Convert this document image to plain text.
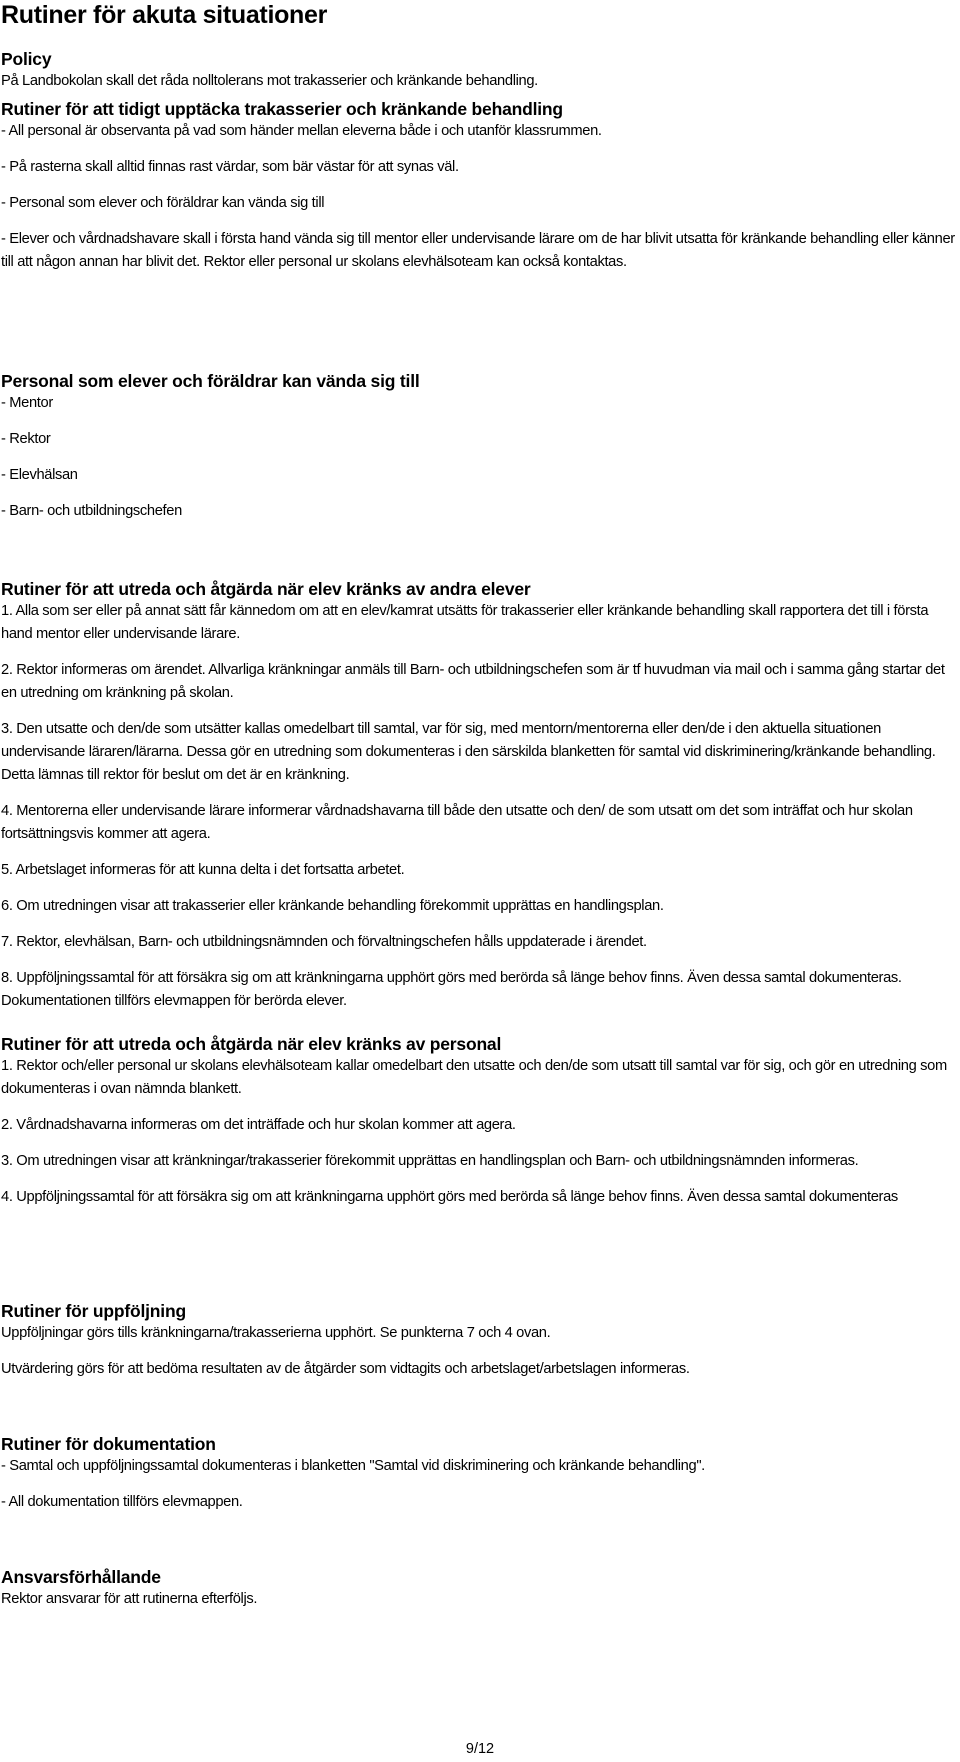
Rutiner för akuta situationer
Policy

På Landbokolan skall det råda nolltolerans mot trakasserier och kränkande behandling.

Rutiner för att tidigt upptäcka trakasserier och kränkande behandling

- All personal är observanta på vad som händer mellan eleverna både i och utanför klassrummen.

- På rasterna skall alltid finnas rast värdar, som bär västar för att synas väl.

- Personal som elever och föräldrar kan vända sig till

- Elever och vårdnadshavare skall i första hand vända sig till mentor eller undervisande lärare om de har blivit utsatta för kränkande behandling eller känner till att någon annan har blivit det. Rektor eller personal ur skolans elevhälsoteam kan också kontaktas.

Personal som elever och föräldrar kan vända sig till

- Mentor

- Rektor

- Elevhälsan

- Barn- och utbildningschefen

Rutiner för att utreda och åtgärda när elev kränks av andra elever

1. Alla som ser eller på annat sätt får kännedom om att en elev/kamrat utsätts för trakasserier eller kränkande behandling skall rapportera det till i första hand mentor eller undervisande lärare.

2. Rektor informeras om ärendet. Allvarliga kränkningar anmäls till Barn- och utbildningschefen som är tf huvudman via mail och i samma gång startar det en utredning om kränkning på skolan.

3. Den utsatte och den/de som utsätter kallas omedelbart till samtal, var för sig, med mentorn/mentorerna eller den/de i den aktuella situationen undervisande läraren/lärarna. Dessa gör en utredning som dokumenteras i den särskilda blanketten för samtal vid diskriminering/kränkande behandling. Detta lämnas till rektor för beslut om det är en kränkning.

4. Mentorerna eller undervisande lärare informerar vårdnadshavarna till både den utsatte och den/ de som utsatt om det som inträffat och hur skolan fortsättningsvis kommer att agera.

5. Arbetslaget informeras för att kunna delta i det fortsatta arbetet.

6. Om utredningen visar att trakasserier eller kränkande behandling förekommit upprättas en handlingsplan.

7. Rektor, elevhälsan, Barn- och utbildningsnämnden och förvaltningschefen hålls uppdaterade i ärendet.

8. Uppföljningssamtal för att försäkra sig om att kränkningarna upphört görs med berörda så länge behov finns. Även dessa samtal dokumenteras. Dokumentationen tillförs elevmappen för berörda elever.

Rutiner för att utreda och åtgärda när elev kränks av personal

1. Rektor och/eller personal ur skolans elevhälsoteam kallar omedelbart den utsatte och den/de som utsatt till samtal var för sig, och gör en utredning som dokumenteras i ovan nämnda blankett.

2. Vårdnadshavarna informeras om det inträffade och hur skolan kommer att agera.

3. Om utredningen visar att kränkningar/trakasserier förekommit upprättas en handlingsplan och Barn- och utbildningsnämnden informeras.

4. Uppföljningssamtal för att försäkra sig om att kränkningarna upphört görs med berörda så länge behov finns. Även dessa samtal dokumenteras

Rutiner för uppföljning

Uppföljningar görs tills kränkningarna/trakasserierna upphört. Se punkterna 7 och 4 ovan.

Utvärdering görs för att bedöma resultaten av de åtgärder som vidtagits och arbetslaget/arbetslagen informeras.

Rutiner för dokumentation

- Samtal och uppföljningssamtal dokumenteras i blanketten "Samtal vid diskriminering och kränkande behandling".

- All dokumentation tillförs elevmappen.

Ansvarsförhållande

Rektor ansvarar för att rutinerna efterföljs.

9/12
